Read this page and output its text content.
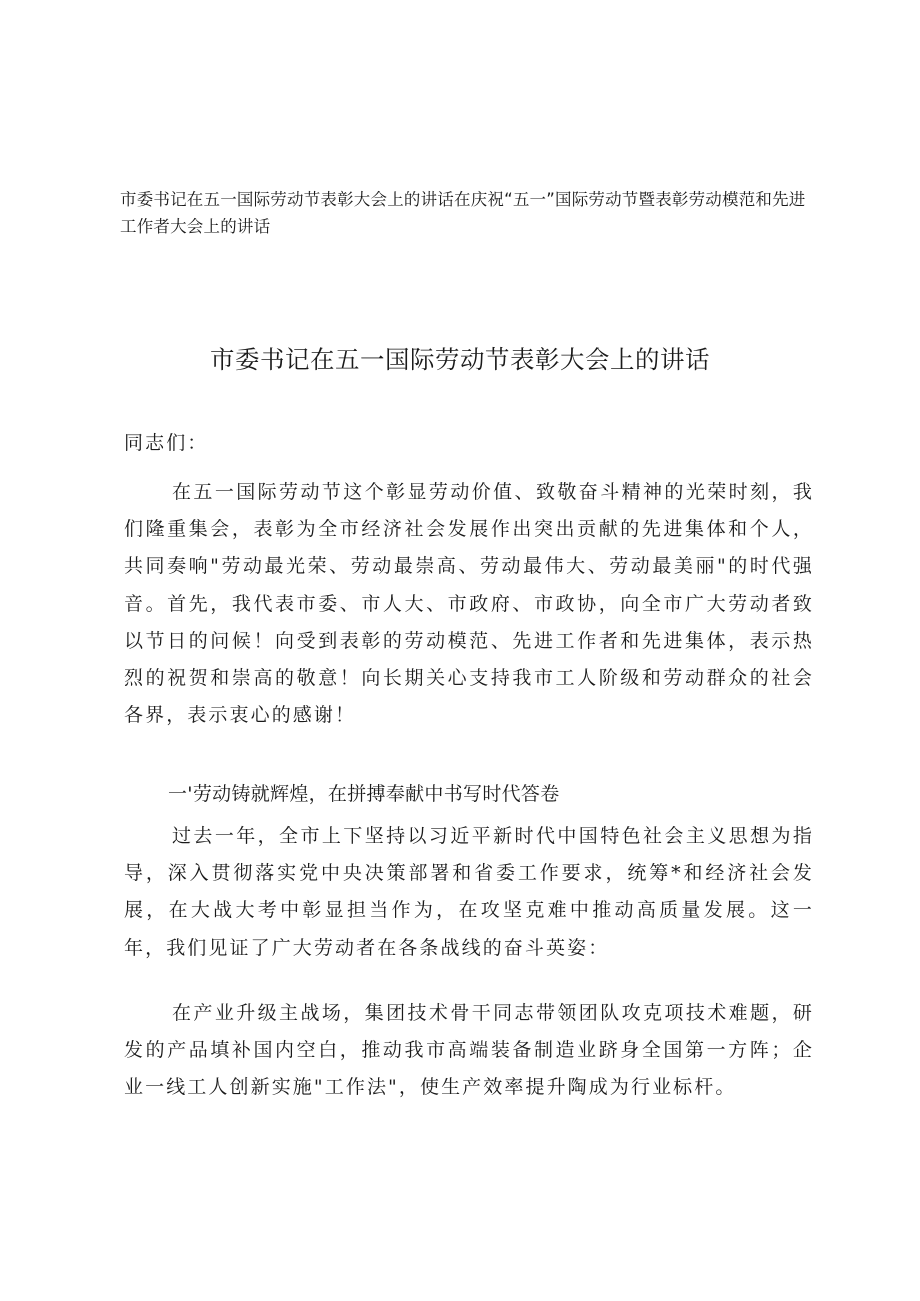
市委书记在五一国际劳动节表彰大会上的讲话在庆祝“五一”国际劳动节暨表彰劳动模范和先进工作者大会上的讲话
市委书记在五一国际劳动节表彰大会上的讲话
同志们：
在五一国际劳动节这个彰显劳动价值、致敬奋斗精神的光荣时刻，我们隆重集会，表彰为全市经济社会发展作出突出贡献的先进集体和个人，共同奏响"劳动最光荣、劳动最崇高、劳动最伟大、劳动最美丽"的时代强音。首先，我代表市委、市人大、市政府、市政协，向全市广大劳动者致以节日的问候！向受到表彰的劳动模范、先进工作者和先进集体，表示热烈的祝贺和崇高的敬意！向长期关心支持我市工人阶级和劳动群众的社会各界，表示衷心的感谢！
一'劳动铸就辉煌，在拼搏奉献中书写时代答卷
过去一年，全市上下坚持以习近平新时代中国特色社会主义思想为指导，深入贯彻落实党中央决策部署和省委工作要求，统筹*和经济社会发展，在大战大考中彰显担当作为，在攻坚克难中推动高质量发展。这一年，我们见证了广大劳动者在各条战线的奋斗英姿：
在产业升级主战场，集团技术骨干同志带领团队攻克项技术难题，研发的产品填补国内空白，推动我市高端装备制造业跻身全国第一方阵；企业一线工人创新实施"工作法"，使生产效率提升陶成为行业标杆。
